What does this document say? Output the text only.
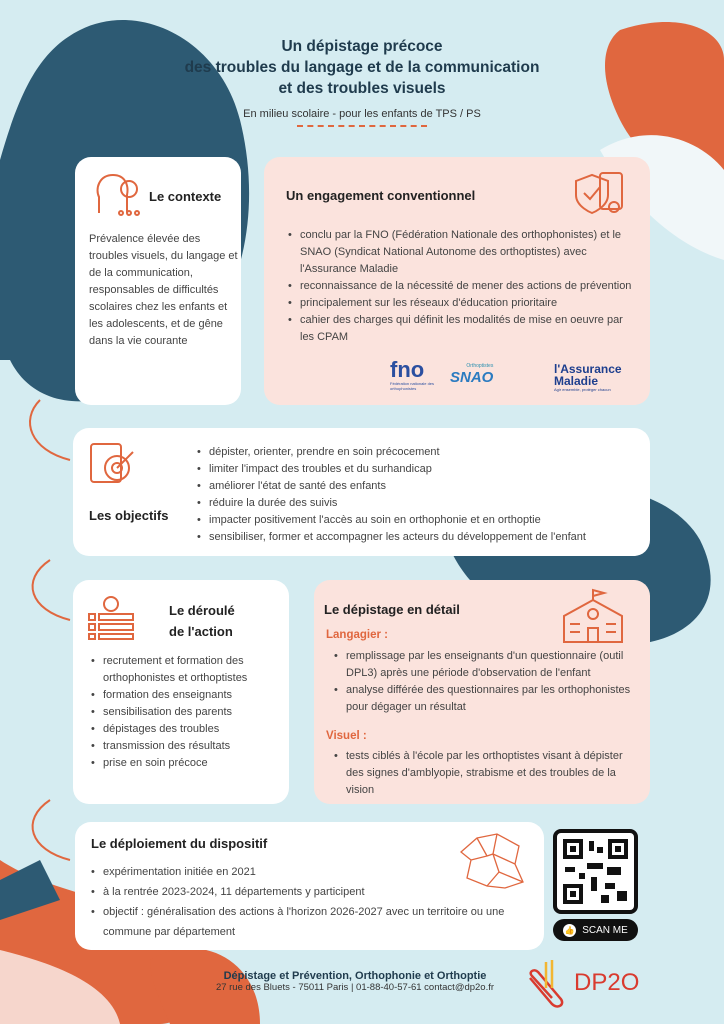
Un dépistage précoce
des troubles du langage et de la communication
et des troubles visuels
En milieu scolaire - pour les enfants de TPS / PS
Le contexte
Prévalence élevée des troubles visuels, du langage et de la communication, responsables de difficultés scolaires chez les enfants et les adolescents, et de gêne dans la vie courante
Un engagement conventionnel
• conclu par la FNO (Fédération Nationale des orthophonistes) et le SNAO (Syndicat National Autonome des orthoptistes) avec l'Assurance Maladie
• reconnaissance de la nécessité de mener des actions de prévention
• principalement sur les réseaux d'éducation prioritaire
• cahier des charges qui définit les modalités de mise en oeuvre par les CPAM
fno
Fédération nationale des orthophonistes
Orthoptistes
SNAO	l'Assurance Maladie
Agir ensemble, protéger chacun
Les objectifs
• dépister, orienter, prendre en soin précocement
• limiter l'impact des troubles et du surhandicap
• améliorer l'état de santé des enfants
• réduire la durée des suivis
• impacter positivement l'accès au soin en orthophonie et en orthoptie
• sensibiliser, former et accompagner les acteurs du développement de l'enfant
Le déroulé
de l'action
• recrutement et formation des orthophonistes et orthoptistes
• formation des enseignants
• sensibilisation des parents
• dépistages des troubles
• transmission des résultats
• prise en soin précoce
Le dépistage en détail
Langagier :
• remplissage par les enseignants d'un questionnaire (outil DPL3) après une période d'observation de l'enfant
• analyse différée des questionnaires par les orthophonistes pour dégager un résultat
Visuel :
• tests ciblés à l'école par les orthoptistes visant à dépister des signes d'amblyopie, strabisme et des troubles de la vision
Le déploiement du dispositif
• expérimentation initiée en 2021
• à la rentrée 2023-2024, 11 départements y participent
• objectif : généralisation des actions à l'horizon 2026-2027 avec un territoire ou une commune par département	👍 SCAN ME
Dépistage et Prévention, Orthophonie et Orthoptie
27 rue des Bluets - 75011 Paris | 01-88-40-57-61 contact@dp2o.fr	DP2O
